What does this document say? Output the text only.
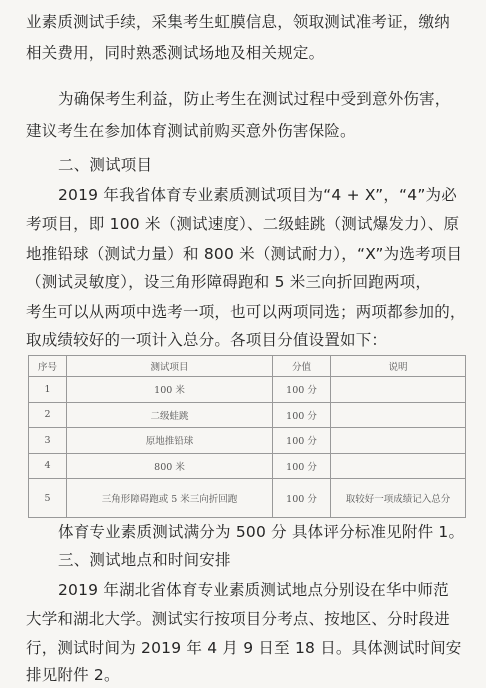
业素质测试手续，采集考生虹膜信息，领取测试准考证，缴纳
相关费用，同时熟悉测试场地及相关规定。
为确保考生利益，防止考生在测试过程中受到意外伤害，
建议考生在参加体育测试前购买意外伤害保险。
二、测试项目
2019 年我省体育专业素质测试项目为“4 + X”，“4”为必
考项目，即 100 米（测试速度）、二级蛙跳（测试爆发力）、原
地推铅球（测试力量）和 800 米（测试耐力），“X”为选考项目
（测试灵敏度），设三角形障碍跑和 5 米三向折回跑两项，
考生可以从两项中选考一项，也可以两项同选；两项都参加的，
取成绩较好的一项计入总分。各项目分值设置如下：
序号	测试项目	分值	说明
1	100 米	100 分	
2	二级蛙跳	100 分	
3	原地推铅球	100 分	
4	800 米	100 分	
5	三角形障碍跑或 5 米三向折回跑	100 分	取较好一项成绩记入总分
体育专业素质测试满分为 500 分 具体评分标准见附件 1。
三、测试地点和时间安排
2019 年湖北省体育专业素质测试地点分别设在华中师范
大学和湖北大学。测试实行按项目分考点、按地区、分时段进
行，测试时间为 2019 年 4 月 9 日至 18 日。具体测试时间安
排见附件 2。
